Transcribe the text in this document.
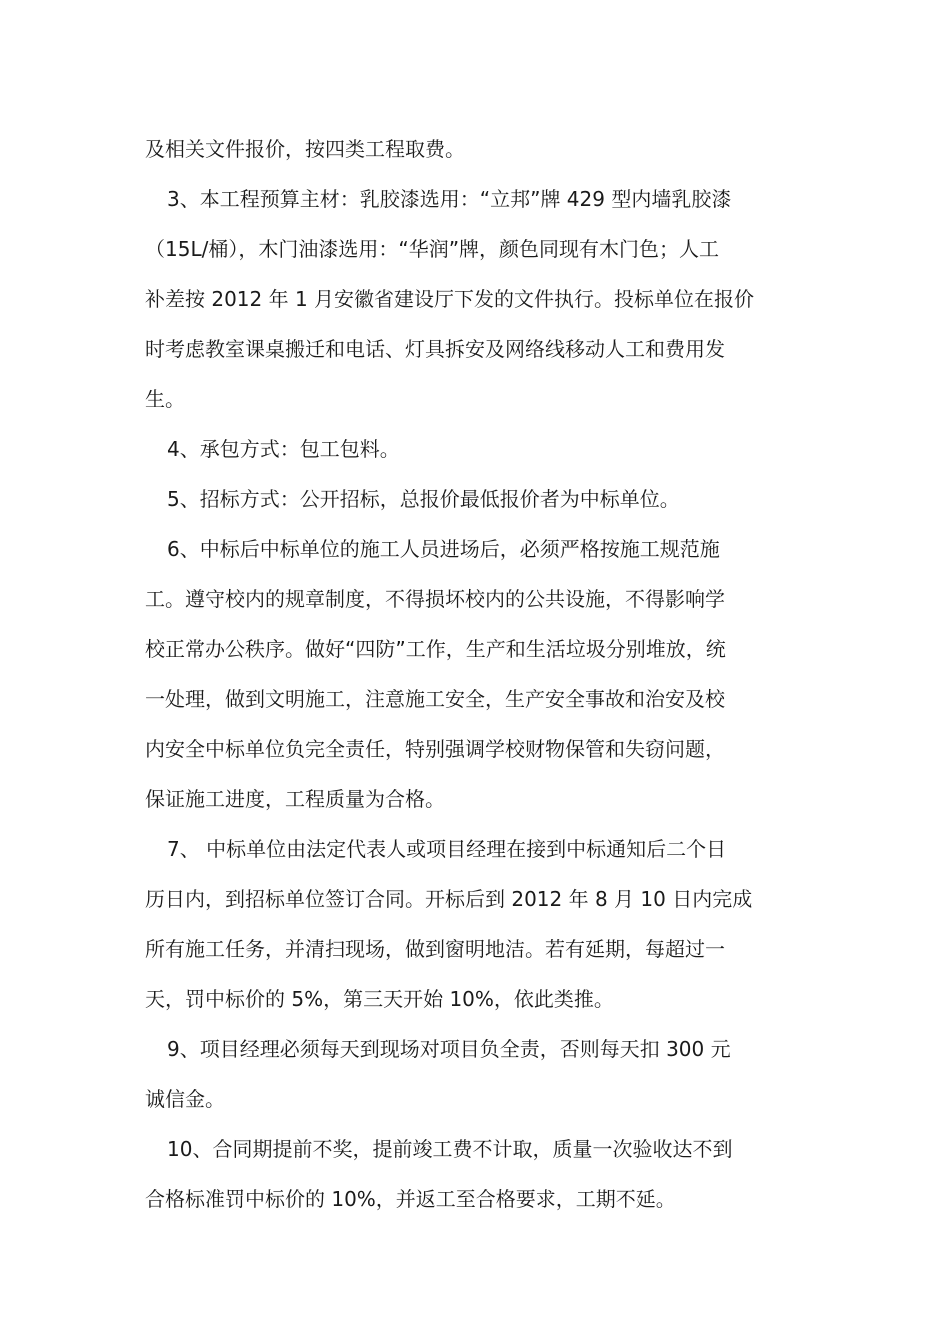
及相关文件报价，按四类工程取费。
3、本工程预算主材：乳胶漆选用：“立邦”牌 429 型内墙乳胶漆
（15L/桶），木门油漆选用：“华润”牌，颜色同现有木门色；人工
补差按 2012 年 1 月安徽省建设厅下发的文件执行。投标单位在报价
时考虑教室课桌搬迁和电话、灯具拆安及网络线移动人工和费用发
生。
4、承包方式：包工包料。
5、招标方式：公开招标，总报价最低报价者为中标单位。
6、中标后中标单位的施工人员进场后，必须严格按施工规范施
工。遵守校内的规章制度，不得损坏校内的公共设施，不得影响学
校正常办公秩序。做好“四防”工作，生产和生活垃圾分别堆放，统
一处理，做到文明施工，注意施工安全，生产安全事故和治安及校
内安全中标单位负完全责任，特别强调学校财物保管和失窃问题，
保证施工进度，工程质量为合格。
7、 中标单位由法定代表人或项目经理在接到中标通知后二个日
历日内，到招标单位签订合同。开标后到 2012 年 8 月 10 日内完成
所有施工任务，并清扫现场，做到窗明地洁。若有延期，每超过一
天，罚中标价的 5%，第三天开始 10%，依此类推。
9、项目经理必须每天到现场对项目负全责，否则每天扣 300 元
诚信金。
10、合同期提前不奖，提前竣工费不计取，质量一次验收达不到
合格标准罚中标价的 10%，并返工至合格要求，工期不延。
